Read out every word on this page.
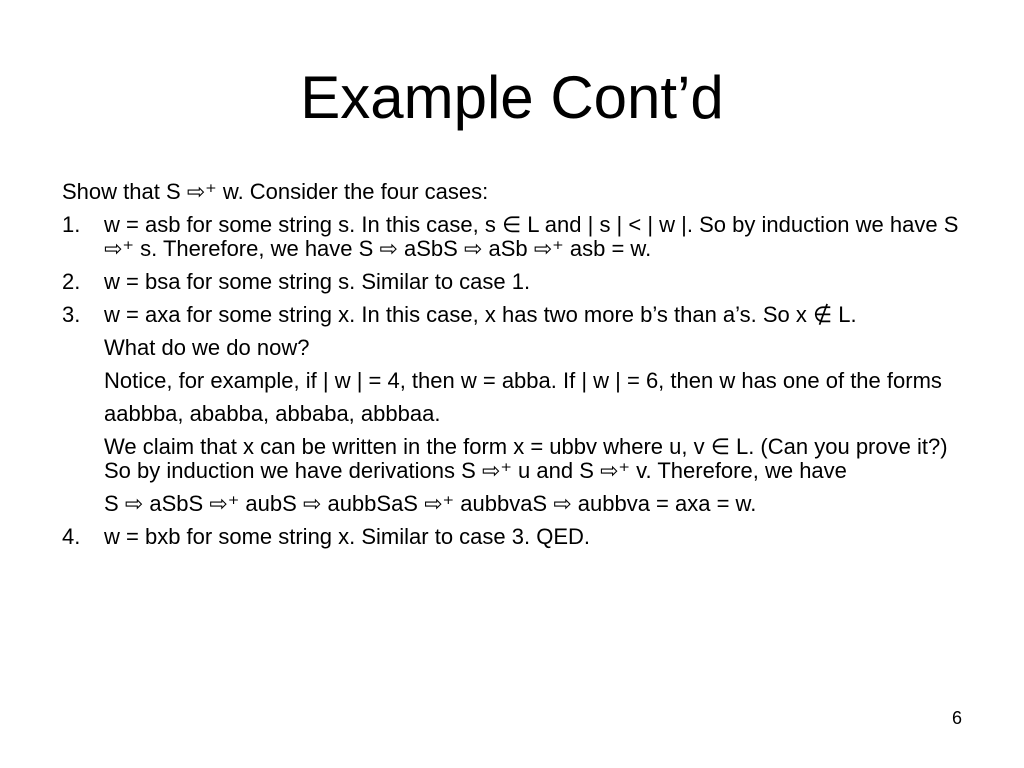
Example Cont’d
Show that S ⇨⁺ w. Consider the four cases:
1.	w = asb for some string s. In this case, s ∈ L and | s | < | w |. So by induction we have S ⇨⁺ s. Therefore, we have S ⇨ aSbS ⇨ aSb ⇨⁺ asb = w.
2.	w = bsa for some string s. Similar to case 1.
3.	w = axa for some string x. In this case, x has two more b’s than a’s. So x ∉ L.
What do we do now?
Notice, for example, if | w | = 4, then w = abba. If | w | = 6, then w has one of the forms
aabbba, ababba, abbaba, abbbaa.
We claim that x can be written in the form x = ubbv where u, v ∈ L. (Can you prove it?) So by induction we have derivations S ⇨⁺ u and S ⇨⁺ v. Therefore, we have
S ⇨ aSbS ⇨⁺ aubS ⇨ aubbSaS ⇨⁺ aubbvaS ⇨ aubbva = axa = w.
4.	w = bxb for some string x. Similar to case 3. QED.
6
